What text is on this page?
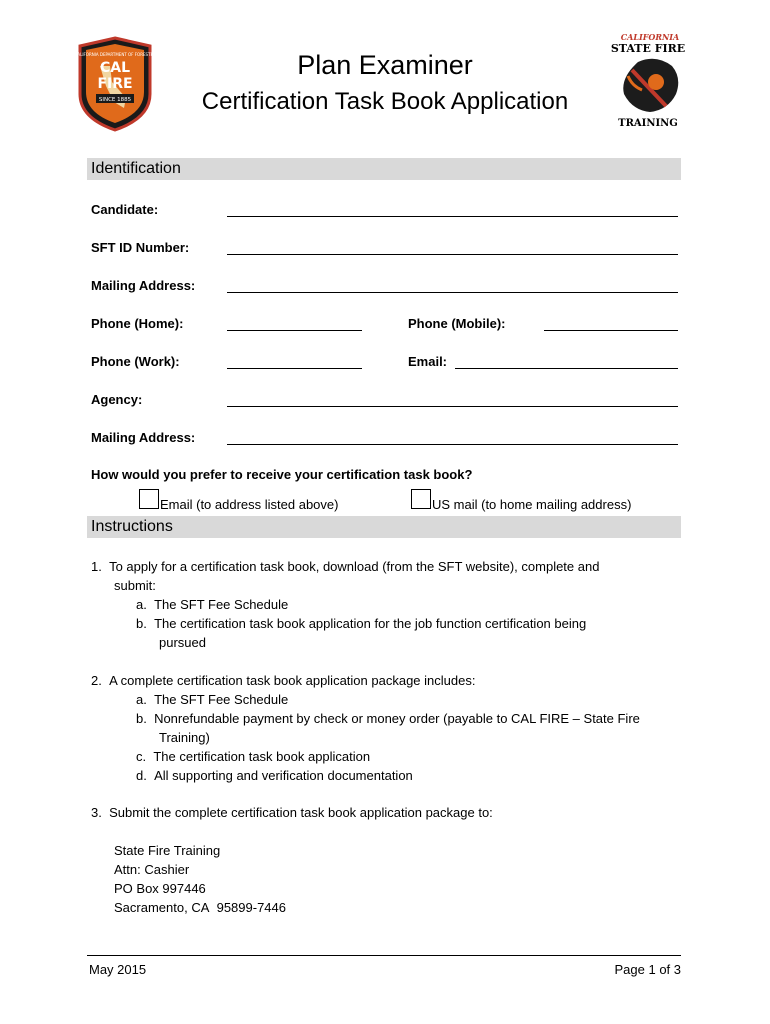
CAL
FIRE
SINCE 1885
CALIFORNIA DEPARTMENT OF FORESTRY
CALIFORNIA
STATE FIRE
TRAINING
Plan Examiner
Certification Task Book Application
Identification
Candidate:
SFT ID Number:
Mailing Address:
Phone (Home):	Phone (Mobile):
Phone (Work):	Email:
Agency:
Mailing Address:
How would you prefer to receive your certification task book?
Email (to address listed above)	US mail (to home mailing address)
Instructions
1.  To apply for a certification task book, download (from the SFT website), complete and
submit:
a.  The SFT Fee Schedule
b.  The certification task book application for the job function certification being
pursued
2.  A complete certification task book application package includes:
a.  The SFT Fee Schedule
b.  Nonrefundable payment by check or money order (payable to CAL FIRE – State Fire
Training)
c.  The certification task book application
d.  All supporting and verification documentation
3.  Submit the complete certification task book application package to:
State Fire Training
Attn: Cashier
PO Box 997446
Sacramento, CA  95899-7446
May 2015	Page 1 of 3
